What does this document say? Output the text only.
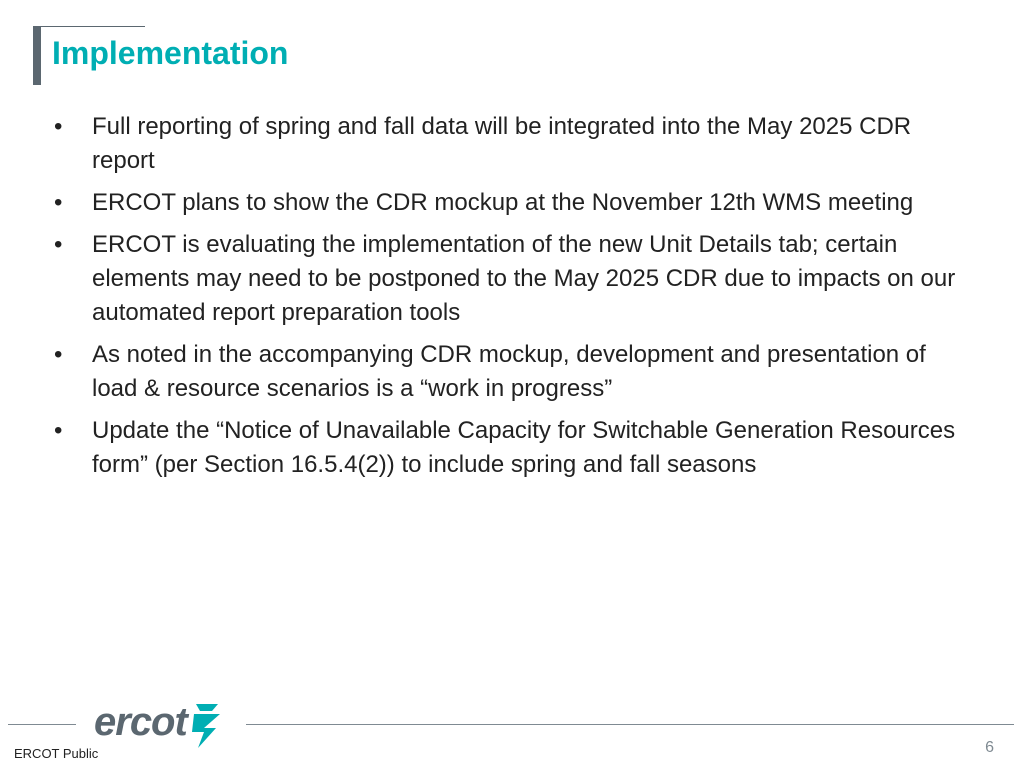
Implementation
•	Full reporting of spring and fall data will be integrated into the May 2025 CDR report
•	ERCOT plans to show the CDR mockup at the November 12th WMS meeting
•	ERCOT is evaluating the implementation of the new Unit Details tab; certain elements may need to be postponed to the May 2025 CDR due to impacts on our automated report preparation tools
•	As noted in the accompanying CDR mockup, development and presentation of load & resource scenarios is a “work in progress”
•	Update the “Notice of Unavailable Capacity for Switchable Generation Resources form” (per Section 16.5.4(2)) to include spring and fall seasons
ercot
ERCOT Public	6
